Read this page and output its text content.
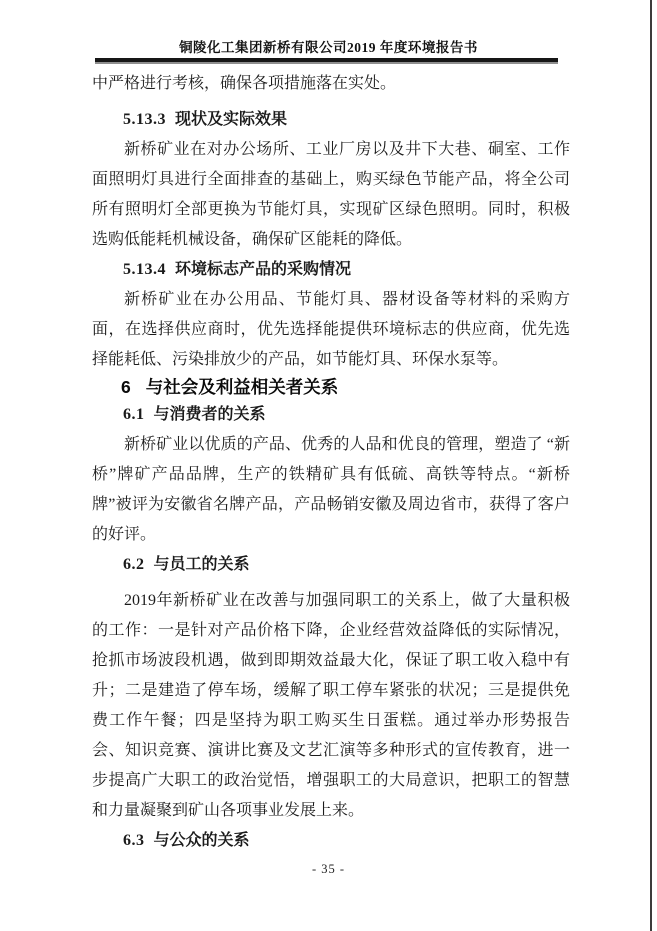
铜陵化工集团新桥有限公司2019 年度环境报告书

中严格进行考核，确保各项措施落在实处。

5.13.3 现状及实际效果

新桥矿业在对办公场所、工业厂房以及井下大巷、硐室、工作面照明灯具进行全面排查的基础上，购买绿色节能产品，将全公司所有照明灯全部更换为节能灯具，实现矿区绿色照明。同时，积极选购低能耗机械设备，确保矿区能耗的降低。

5.13.4 环境标志产品的采购情况

新桥矿业在办公用品、节能灯具、器材设备等材料的采购方面，在选择供应商时，优先选择能提供环境标志的供应商，优先选择能耗低、污染排放少的产品，如节能灯具、环保水泵等。

6 与社会及利益相关者关系
6.1 与消费者的关系

新桥矿业以优质的产品、优秀的人品和优良的管理，塑造了 “新桥”牌矿产品品牌，生产的铁精矿具有低硫、高铁等特点。“新桥牌”被评为安徽省名牌产品，产品畅销安徽及周边省市，获得了客户的好评。

6.2 与员工的关系

2019年新桥矿业在改善与加强同职工的关系上，做了大量积极的工作：一是针对产品价格下降，企业经营效益降低的实际情况，抢抓市场波段机遇，做到即期效益最大化，保证了职工收入稳中有升；二是建造了停车场，缓解了职工停车紧张的状况；三是提供免费工作午餐；四是坚持为职工购买生日蛋糕。通过举办形势报告会、知识竞赛、演讲比赛及文艺汇演等多种形式的宣传教育，进一步提高广大职工的政治觉悟，增强职工的大局意识，把职工的智慧和力量凝聚到矿山各项事业发展上来。

6.3 与公众的关系
- 35 -
